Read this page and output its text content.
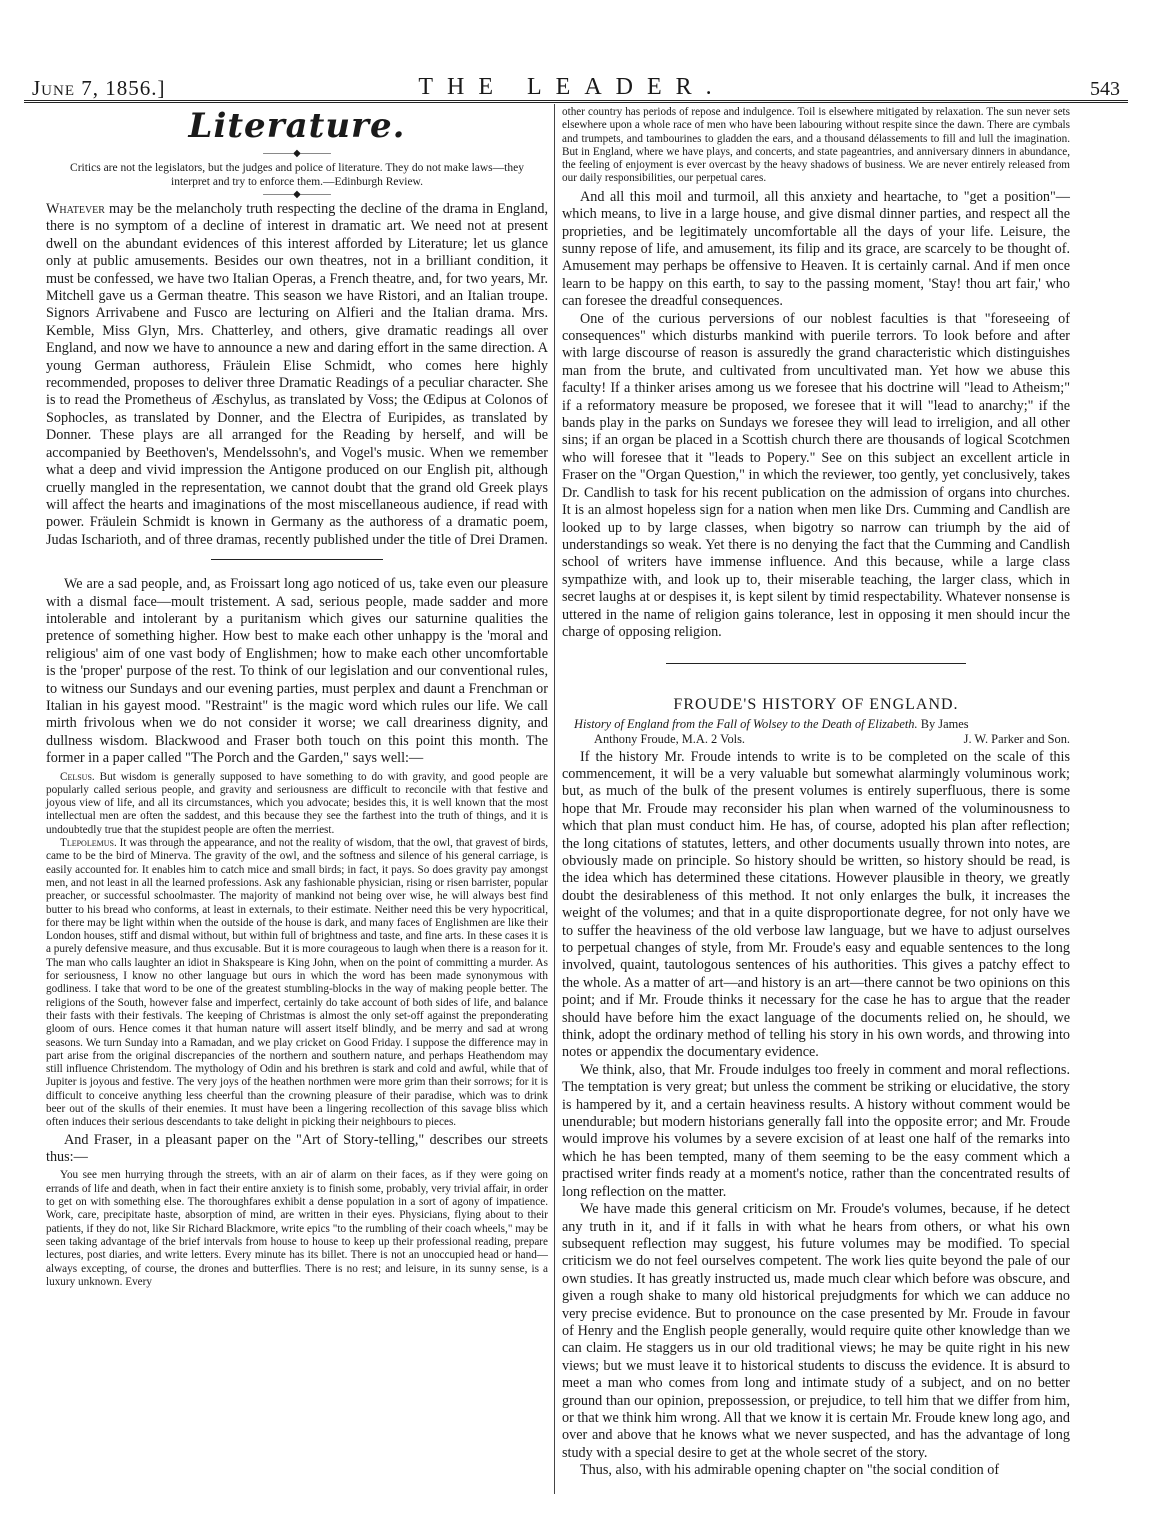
June 7, 1856.]	THE LEADER.	543
Literature.
———◆———
Critics are not the legislators, but the judges and police of literature. They do not make laws—they interpret and try to enforce them.—Edinburgh Review.
———◆———

Whatever may be the melancholy truth respecting the decline of the drama in England, there is no symptom of a decline of interest in dramatic art. We need not at present dwell on the abundant evidences of this interest afforded by Literature; let us glance only at public amusements. Besides our own theatres, not in a brilliant condition, it must be confessed, we have two Italian Operas, a French theatre, and, for two years, Mr. Mitchell gave us a German theatre. This season we have Ristori, and an Italian troupe. Signors Arrivabene and Fusco are lecturing on Alfieri and the Italian drama. Mrs. Kemble, Miss Glyn, Mrs. Chatterley, and others, give dramatic readings all over England, and now we have to announce a new and daring effort in the same direction. A young German authoress, Fräulein Elise Schmidt, who comes here highly recommended, proposes to deliver three Dramatic Readings of a peculiar character. She is to read the Prometheus of Æschylus, as translated by Voss; the Œdipus at Colonos of Sophocles, as translated by Donner, and the Electra of Euripides, as translated by Donner. These plays are all arranged for the Reading by herself, and will be accompanied by Beethoven's, Mendelssohn's, and Vogel's music. When we remember what a deep and vivid impression the Antigone produced on our English pit, although cruelly mangled in the representation, we cannot doubt that the grand old Greek plays will affect the hearts and imaginations of the most miscellaneous audience, if read with power. Fräulein Schmidt is known in Germany as the authoress of a dramatic poem, Judas Ischarioth, and of three dramas, recently published under the title of Drei Dramen.

We are a sad people, and, as Froissart long ago noticed of us, take even our pleasure with a dismal face—moult tristement. A sad, serious people, made sadder and more intolerable and intolerant by a puritanism which gives our saturnine qualities the pretence of something higher. How best to make each other unhappy is the 'moral and religious' aim of one vast body of Englishmen; how to make each other uncomfortable is the 'proper' purpose of the rest. To think of our legislation and our conventional rules, to witness our Sundays and our evening parties, must perplex and daunt a Frenchman or Italian in his gayest mood. "Restraint" is the magic word which rules our life. We call mirth frivolous when we do not consider it worse; we call dreariness dignity, and dullness wisdom. Blackwood and Fraser both touch on this point this month. The former in a paper called "The Porch and the Garden," says well:—

Celsus. But wisdom is generally supposed to have something to do with gravity, and good people are popularly called serious people, and gravity and seriousness are difficult to reconcile with that festive and joyous view of life, and all its circumstances, which you advocate; besides this, it is well known that the most intellectual men are often the saddest, and this because they see the farthest into the truth of things, and it is undoubtedly true that the stupidest people are often the merriest.

Tlepolemus. It was through the appearance, and not the reality of wisdom, that the owl, that gravest of birds, came to be the bird of Minerva. The gravity of the owl, and the softness and silence of his general carriage, is easily accounted for. It enables him to catch mice and small birds; in fact, it pays. So does gravity pay amongst men, and not least in all the learned professions. Ask any fashionable physician, rising or risen barrister, popular preacher, or successful schoolmaster. The majority of mankind not being over wise, he will always best find butter to his bread who conforms, at least in externals, to their estimate. Neither need this be very hypocritical, for there may be light within when the outside of the house is dark, and many faces of Englishmen are like their London houses, stiff and dismal without, but within full of brightness and taste, and fine arts. In these cases it is a purely defensive measure, and thus excusable. But it is more courageous to laugh when there is a reason for it. The man who calls laughter an idiot in Shakspeare is King John, when on the point of committing a murder. As for seriousness, I know no other language but ours in which the word has been made synonymous with godliness. I take that word to be one of the greatest stumbling-blocks in the way of making people better. The religions of the South, however false and imperfect, certainly do take account of both sides of life, and balance their fasts with their festivals. The keeping of Christmas is almost the only set-off against the preponderating gloom of ours. Hence comes it that human nature will assert itself blindly, and be merry and sad at wrong seasons. We turn Sunday into a Ramadan, and we play cricket on Good Friday. I suppose the difference may in part arise from the original discrepancies of the northern and southern nature, and perhaps Heathendom may still influence Christendom. The mythology of Odin and his brethren is stark and cold and awful, while that of Jupiter is joyous and festive. The very joys of the heathen northmen were more grim than their sorrows; for it is difficult to conceive anything less cheerful than the crowning pleasure of their paradise, which was to drink beer out of the skulls of their enemies. It must have been a lingering recollection of this savage bliss which often induces their serious descendants to take delight in picking their neighbours to pieces.

And Fraser, in a pleasant paper on the "Art of Story-telling," describes our streets thus:—

You see men hurrying through the streets, with an air of alarm on their faces, as if they were going on errands of life and death, when in fact their entire anxiety is to finish some, probably, very trivial affair, in order to get on with something else. The thoroughfares exhibit a dense population in a sort of agony of impatience. Work, care, precipitate haste, absorption of mind, are written in their eyes. Physicians, flying about to their patients, if they do not, like Sir Richard Blackmore, write epics "to the rumbling of their coach wheels," may be seen taking advantage of the brief intervals from house to house to keep up their professional reading, prepare lectures, post diaries, and write letters. Every minute has its billet. There is not an unoccupied head or hand—always excepting, of course, the drones and butterflies. There is no rest; and leisure, in its sunny sense, is a luxury unknown. Every

other country has periods of repose and indulgence. Toil is elsewhere mitigated by relaxation. The sun never sets elsewhere upon a whole race of men who have been labouring without respite since the dawn. There are cymbals and trumpets, and tambourines to gladden the ears, and a thousand délassements to fill and lull the imagination. But in England, where we have plays, and concerts, and state pageantries, and anniversary dinners in abundance, the feeling of enjoyment is ever overcast by the heavy shadows of business. We are never entirely released from our daily responsibilities, our perpetual cares.

And all this moil and turmoil, all this anxiety and heartache, to "get a position"—which means, to live in a large house, and give dismal dinner parties, and respect all the proprieties, and be legitimately uncomfortable all the days of your life. Leisure, the sunny repose of life, and amusement, its filip and its grace, are scarcely to be thought of. Amusement may perhaps be offensive to Heaven. It is certainly carnal. And if men once learn to be happy on this earth, to say to the passing moment, 'Stay! thou art fair,' who can foresee the dreadful consequences.

One of the curious perversions of our noblest faculties is that "foreseeing of consequences" which disturbs mankind with puerile terrors. To look before and after with large discourse of reason is assuredly the grand characteristic which distinguishes man from the brute, and cultivated from uncultivated man. Yet how we abuse this faculty! If a thinker arises among us we foresee that his doctrine will "lead to Atheism;" if a reformatory measure be proposed, we foresee that it will "lead to anarchy;" if the bands play in the parks on Sundays we foresee they will lead to irreligion, and all other sins; if an organ be placed in a Scottish church there are thousands of logical Scotchmen who will foresee that it "leads to Popery." See on this subject an excellent article in Fraser on the "Organ Question," in which the reviewer, too gently, yet conclusively, takes Dr. Candlish to task for his recent publication on the admission of organs into churches. It is an almost hopeless sign for a nation when men like Drs. Cumming and Candlish are looked up to by large classes, when bigotry so narrow can triumph by the aid of understandings so weak. Yet there is no denying the fact that the Cumming and Candlish school of writers have immense influence. And this because, while a large class sympathize with, and look up to, their miserable teaching, the larger class, which in secret laughs at or despises it, is kept silent by timid respectability. Whatever nonsense is uttered in the name of religion gains tolerance, lest in opposing it men should incur the charge of opposing religion.

FROUDE'S HISTORY OF ENGLAND.
History of England from the Fall of Wolsey to the Death of Elizabeth. By James
Anthony Froude, M.A. 2 Vols.	J. W. Parker and Son.

If the history Mr. Froude intends to write is to be completed on the scale of this commencement, it will be a very valuable but somewhat alarmingly voluminous work; but, as much of the bulk of the present volumes is entirely superfluous, there is some hope that Mr. Froude may reconsider his plan when warned of the voluminousness to which that plan must conduct him. He has, of course, adopted his plan after reflection; the long citations of statutes, letters, and other documents usually thrown into notes, are obviously made on principle. So history should be written, so history should be read, is the idea which has determined these citations. However plausible in theory, we greatly doubt the desirableness of this method. It not only enlarges the bulk, it increases the weight of the volumes; and that in a quite disproportionate degree, for not only have we to suffer the heaviness of the old verbose law language, but we have to adjust ourselves to perpetual changes of style, from Mr. Froude's easy and equable sentences to the long involved, quaint, tautologous sentences of his authorities. This gives a patchy effect to the whole. As a matter of art—and history is an art—there cannot be two opinions on this point; and if Mr. Froude thinks it necessary for the case he has to argue that the reader should have before him the exact language of the documents relied on, he should, we think, adopt the ordinary method of telling his story in his own words, and throwing into notes or appendix the documentary evidence.

We think, also, that Mr. Froude indulges too freely in comment and moral reflections. The temptation is very great; but unless the comment be striking or elucidative, the story is hampered by it, and a certain heaviness results. A history without comment would be unendurable; but modern historians generally fall into the opposite error; and Mr. Froude would improve his volumes by a severe excision of at least one half of the remarks into which he has been tempted, many of them seeming to be the easy comment which a practised writer finds ready at a moment's notice, rather than the concentrated results of long reflection on the matter.

We have made this general criticism on Mr. Froude's volumes, because, if he detect any truth in it, and if it falls in with what he hears from others, or what his own subsequent reflection may suggest, his future volumes may be modified. To special criticism we do not feel ourselves competent. The work lies quite beyond the pale of our own studies. It has greatly instructed us, made much clear which before was obscure, and given a rough shake to many old historical prejudgments for which we can adduce no very precise evidence. But to pronounce on the case presented by Mr. Froude in favour of Henry and the English people generally, would require quite other knowledge than we can claim. He staggers us in our old traditional views; he may be quite right in his new views; but we must leave it to historical students to discuss the evidence. It is absurd to meet a man who comes from long and intimate study of a subject, and on no better ground than our opinion, prepossession, or prejudice, to tell him that we differ from him, or that we think him wrong. All that we know it is certain Mr. Froude knew long ago, and over and above that he knows what we never suspected, and has the advantage of long study with a special desire to get at the whole secret of the story.

Thus, also, with his admirable opening chapter on "the social condition of
